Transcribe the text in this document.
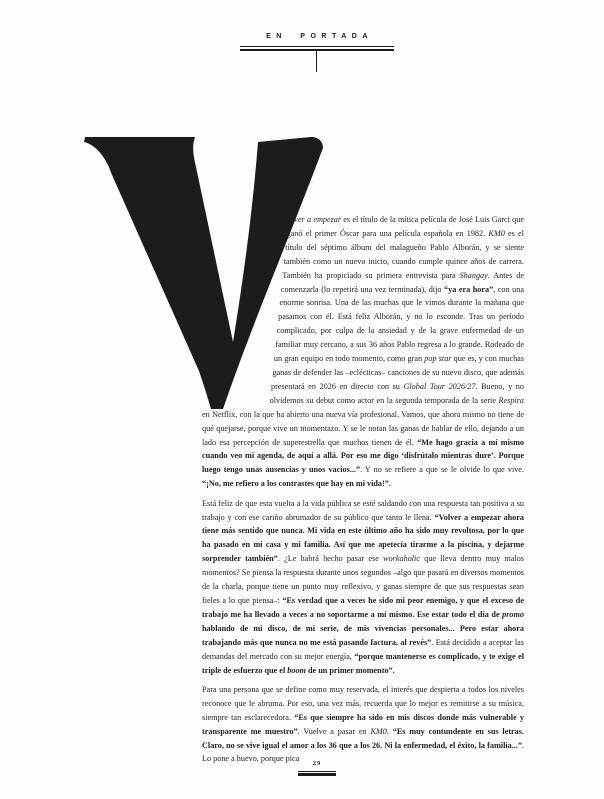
EN PORTADA

olver a empezar es el título de la mítica película de José Luis Garci que ganó el primer Óscar para una película española en 1982. KM0 es el título del séptimo álbum del malagueño Pablo Alborán, y se siente también como un nuevo inicio, cuando cumple quince años de carrera. También ha propiciado su primera entrevista para Shangay. Antes de comenzarla (lo repetirá una vez terminada), dijo “ya era hora”, con una enorme sonrisa. Una de las muchas que le vimos durante la mañana que pasamos con él. Está feliz Alborán, y no lo esconde. Tras un período complicado, por culpa de la ansiedad y de la grave enfermedad de un familiar muy cercano, a sus 36 años Pablo regresa a lo grande. Rodeado de un gran equipo en todo momento, como gran pop star que es, y con muchas ganas de defender las –eclécticas– canciones de su nuevo disco, que además presentará en 2026 en directo con su Global Tour 2026/27. Bueno, y no olvidemos su debut como actor en la segunda temporada de la serie Respira en Netflix, con la que ha abierto una nueva vía profesional. Vamos, que ahora mismo no tiene de qué quejarse, porque vive un momentazo. Y se le notan las ganas de hablar de ello, dejando a un lado esa percepción de superestrella que muchos tienen de él. “Me hago gracia a mí mismo cuando veo mi agenda, de aquí a allá. Por eso me digo ‘disfrútalo mientras dure’. Porque luego tengo unas ausencias y unos vacíos...”. Y no se refiere a que se le olvide lo que vive. “¡No, me refiero a los contrastes que hay en mi vida!”.

Está feliz de que esta vuelta a la vida pública se esté saldando con una respuesta tan positiva a su trabajo y con ese cariño abrumador de su público que tanto le llena. “Volver a empezar ahora tiene más sentido que nunca. Mi vida en este último año ha sido muy revoltosa, por lo que ha pasado en mi casa y mi familia. Así que me apetecía tirarme a la piscina, y dejarme sorprender también”. ¿Le habrá hecho pasar ese workaholic que lleva dentro muy malos momentos? Se piensa la respuesta durante unos segundos –algo que pasará en diversos momentos de la charla, porque tiene un punto muy reflexivo, y ganas siempre de que sus respuestas sean fieles a lo que piensa–: “Es verdad que a veces he sido mi peor enemigo, y que el exceso de trabajo me ha llevado a veces a no soportarme a mí mismo. Ese estar todo el día de promo hablando de mi disco, de mi serie, de mis vivencias personales... Pero estar ahora trabajando más que nunca no me está pasando factura, al revés”. Está decidido a aceptar las demandas del mercado con su mejor energía, “porque mantenerse es complicado, y te exige el triple de esfuerzo que el boom de un primer momento”.

Para una persona que se define como muy reservada, el interés que despierta a todos los niveles reconoce que le abruma. Por eso, una vez más, recuerda que lo mejor es remitirse a su música, siempre tan esclarecedora. “Es que siempre ha sido en mis discos donde más vulnerable y transparente me muestro”. Vuelve a pasar en KM0. “Es muy contundente en sus letras. Claro, no se vive igual el amor a los 36 que a los 26. Ni la enfermedad, el éxito, la familia...”. Lo pone a huevo, porque pica

29
